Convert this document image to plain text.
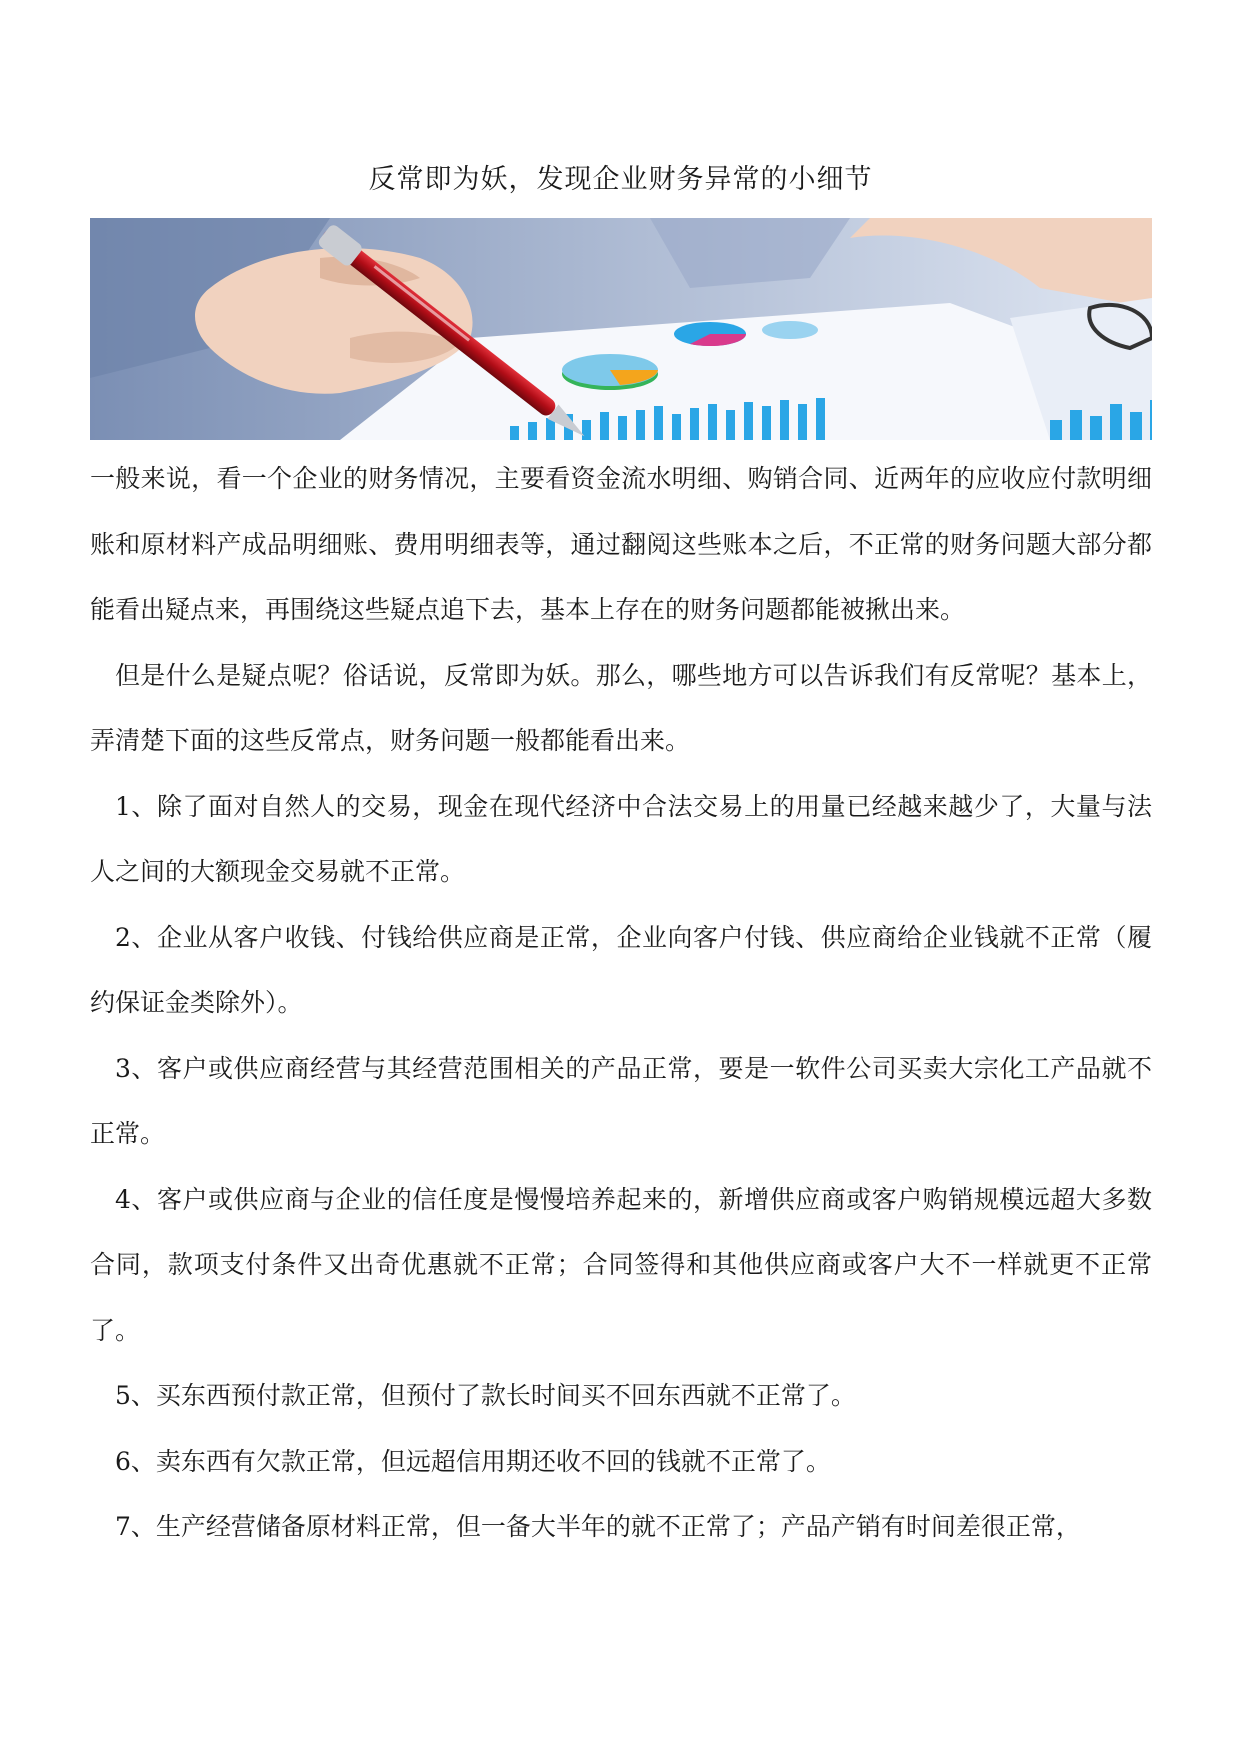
反常即为妖，发现企业财务异常的小细节

一般来说，看一个企业的财务情况，主要看资金流水明细、购销合同、近两年的应收应付款明细账和原材料产成品明细账、费用明细表等，通过翻阅这些账本之后，不正常的财务问题大部分都能看出疑点来，再围绕这些疑点追下去，基本上存在的财务问题都能被揪出来。

但是什么是疑点呢？俗话说，反常即为妖。那么，哪些地方可以告诉我们有反常呢？基本上，弄清楚下面的这些反常点，财务问题一般都能看出来。

1、除了面对自然人的交易，现金在现代经济中合法交易上的用量已经越来越少了，大量与法人之间的大额现金交易就不正常。

2、企业从客户收钱、付钱给供应商是正常，企业向客户付钱、供应商给企业钱就不正常（履约保证金类除外）。

3、客户或供应商经营与其经营范围相关的产品正常，要是一软件公司买卖大宗化工产品就不正常。

4、客户或供应商与企业的信任度是慢慢培养起来的，新增供应商或客户购销规模远超大多数合同，款项支付条件又出奇优惠就不正常；合同签得和其他供应商或客户大不一样就更不正常了。

5、买东西预付款正常，但预付了款长时间买不回东西就不正常了。

6、卖东西有欠款正常，但远超信用期还收不回的钱就不正常了。

7、生产经营储备原材料正常，但一备大半年的就不正常了；产品产销有时间差很正常，
